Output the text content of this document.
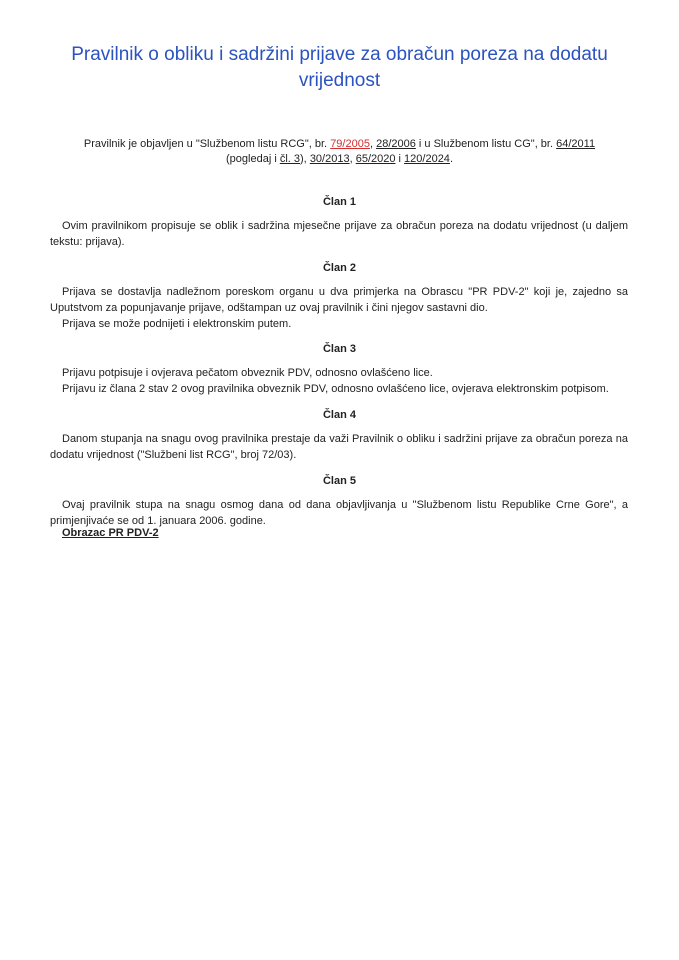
Pravilnik o obliku i sadržini prijave za obračun poreza na dodatu vrijednost
Pravilnik je objavljen u "Službenom listu RCG", br. 79/2005, 28/2006 i u Službenom listu CG", br. 64/2011
(pogledaj i čl. 3), 30/2013, 65/2020 i 120/2024.
Član 1

Ovim pravilnikom propisuje se oblik i sadržina mjesečne prijave za obračun poreza na dodatu vrijednost (u daljem tekstu: prijava).

Član 2

Prijava se dostavlja nadležnom poreskom organu u dva primjerka na Obrascu "PR PDV-2" koji je, zajedno sa Uputstvom za popunjavanje prijave, odštampan uz ovaj pravilnik i čini njegov sastavni dio.

Prijava se može podnijeti i elektronskim putem.

Član 3

Prijavu potpisuje i ovjerava pečatom obveznik PDV, odnosno ovlašćeno lice.

Prijavu iz člana 2 stav 2 ovog pravilnika obveznik PDV, odnosno ovlašćeno lice, ovjerava elektronskim potpisom.

Član 4

Danom stupanja na snagu ovog pravilnika prestaje da važi Pravilnik o obliku i sadržini prijave za obračun poreza na dodatu vrijednost ("Službeni list RCG", broj 72/03).

Član 5

Ovaj pravilnik stupa na snagu osmog dana od dana objavljivanja u "Službenom listu Republike Crne Gore", a primjenjivaće se od 1. januara 2006. godine.

Obrazac PR PDV-2
